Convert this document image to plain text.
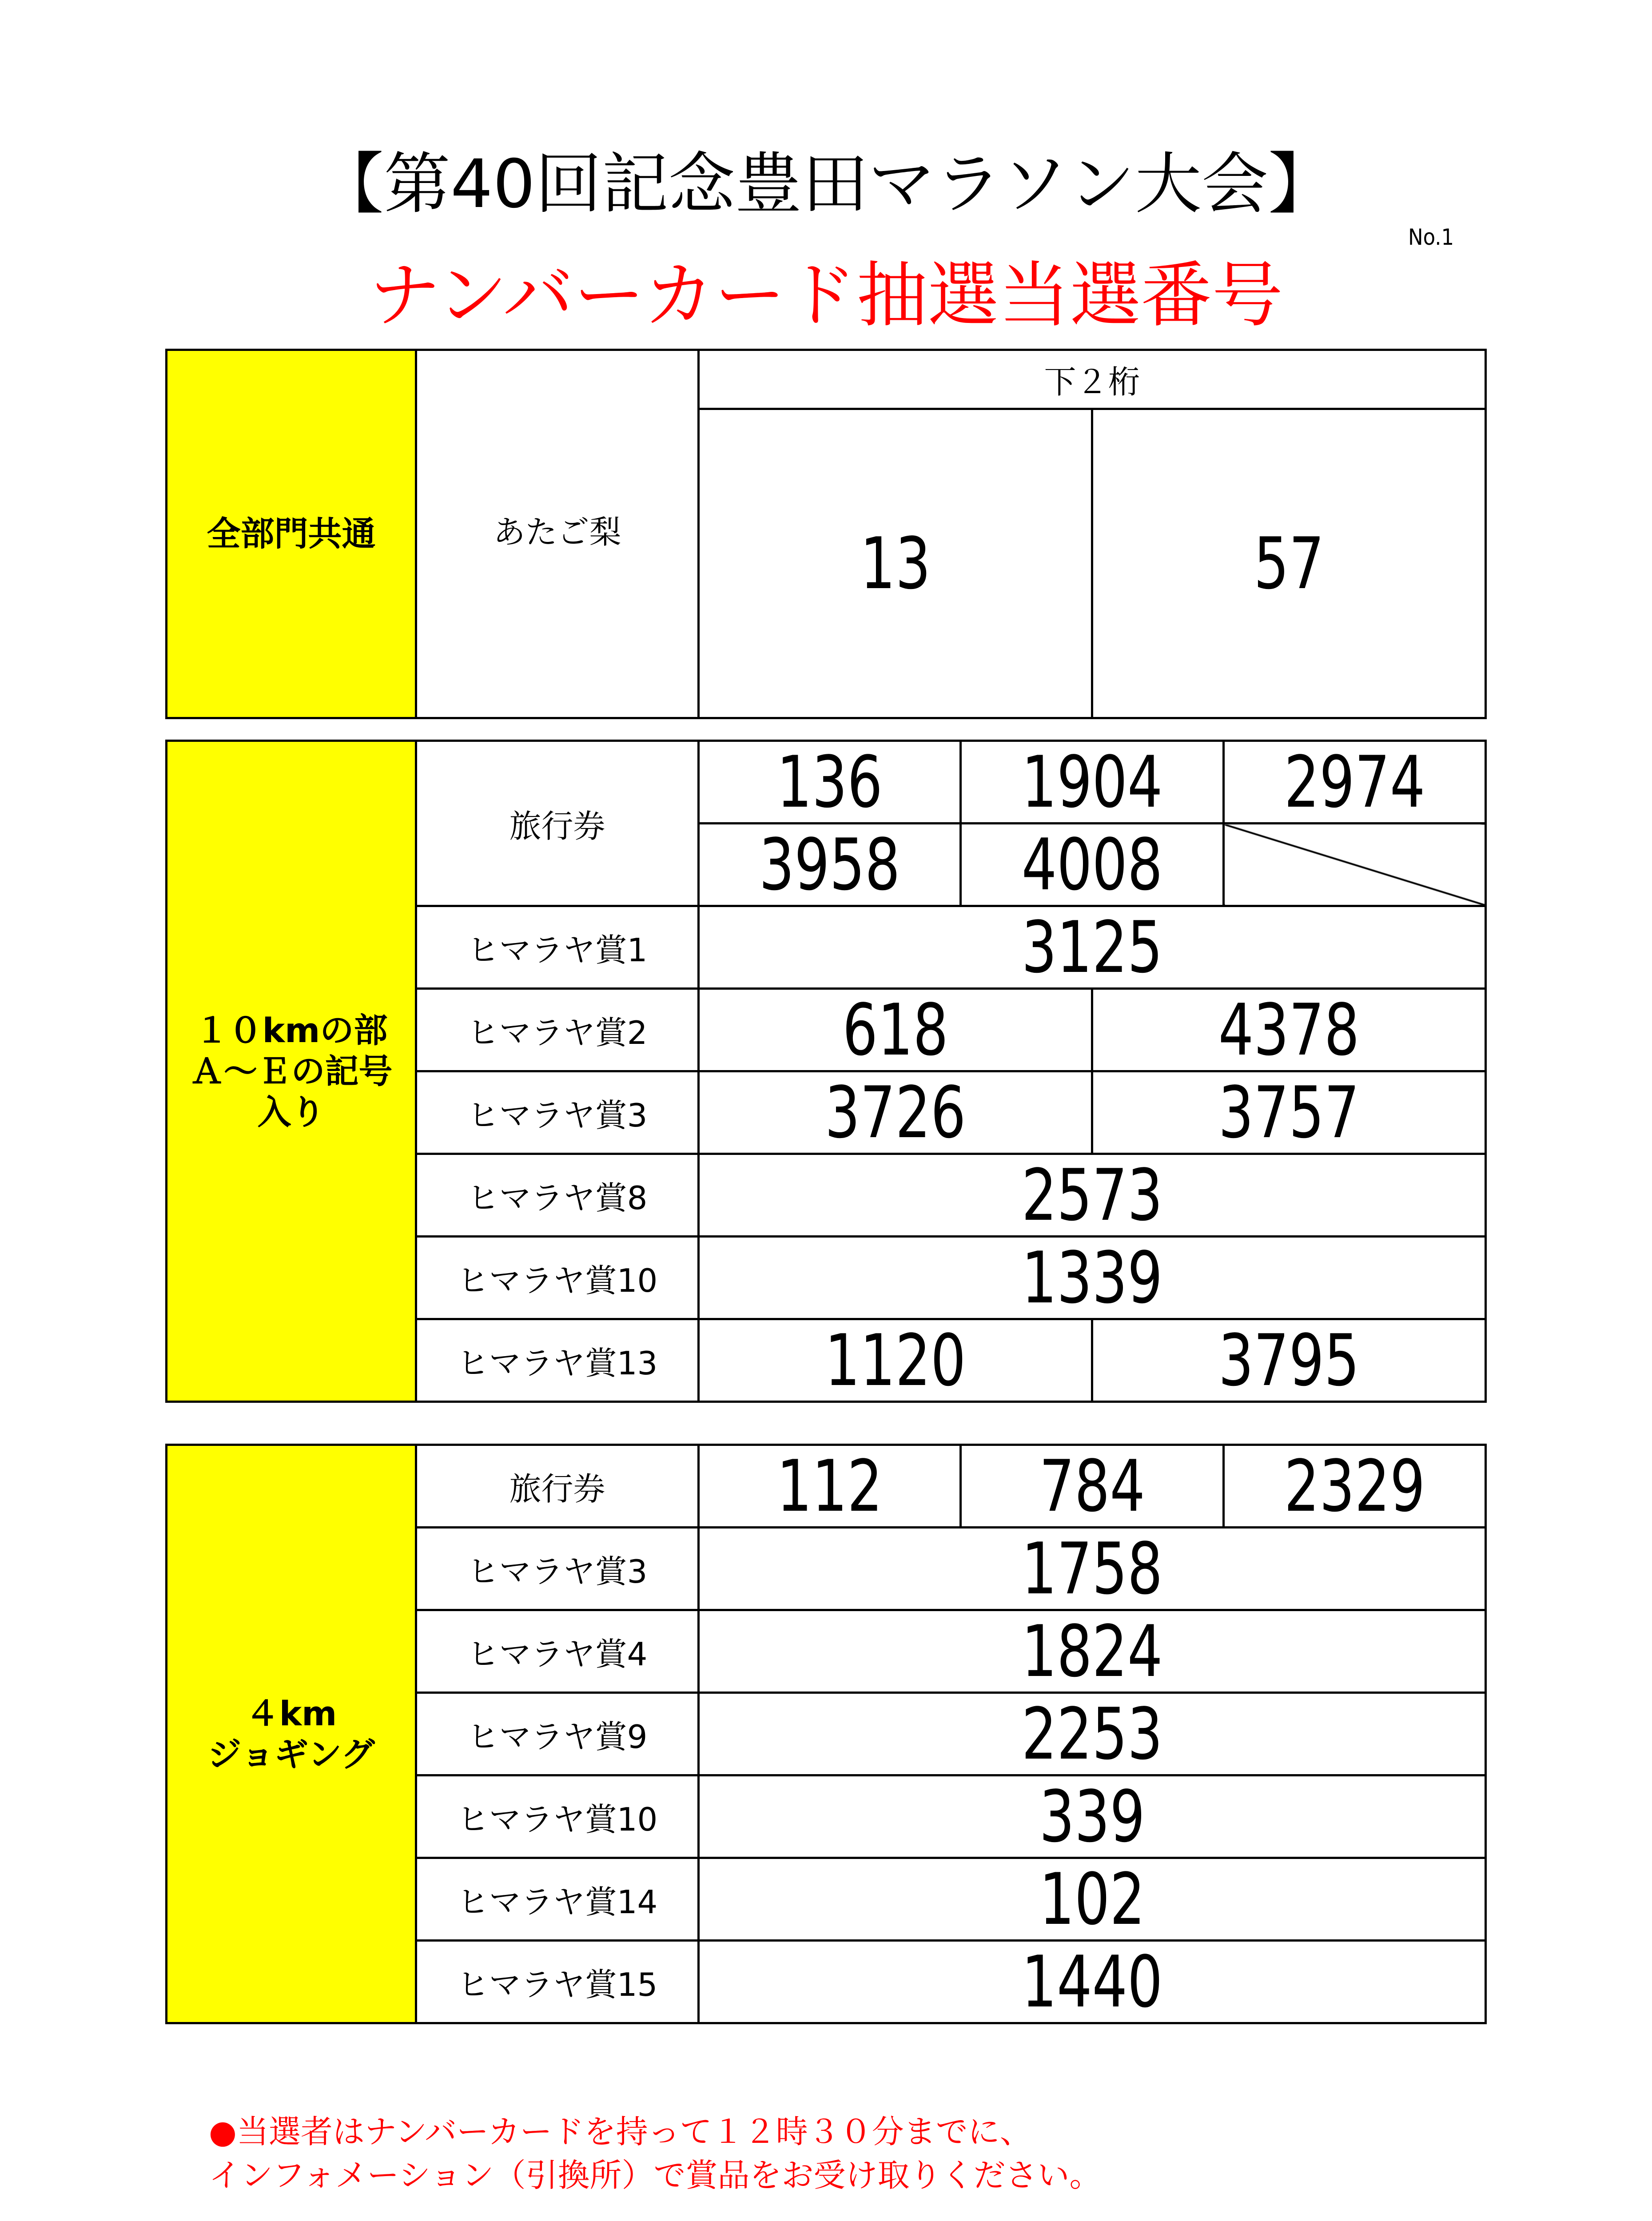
【第40回記念豊田マラソン大会】
No.1
ナンバーカード抽選当選番号
全部門共通	あたご梨	下２桁	
		13	57
１０kmの部
Ａ～Ｅの記号
入り	旅行券	136	1904		2974
		3958	4008		
	ヒマラヤ賞1	3125			
	ヒマラヤ賞2	618		4378	
	ヒマラヤ賞3	3726		3757	
	ヒマラヤ賞8	2573			
	ヒマラヤ賞10	1339			
	ヒマラヤ賞13	1120		3795	
４km
ジョギング	旅行券	112	784	2329
	ヒマラヤ賞3	1758		
	ヒマラヤ賞4	1824		
	ヒマラヤ賞9	2253		
	ヒマラヤ賞10	339		
	ヒマラヤ賞14	102		
	ヒマラヤ賞15	1440		
●当選者はナンバーカードを持って１２時３０分までに、
インフォメーション（引換所）で賞品をお受け取りください。
